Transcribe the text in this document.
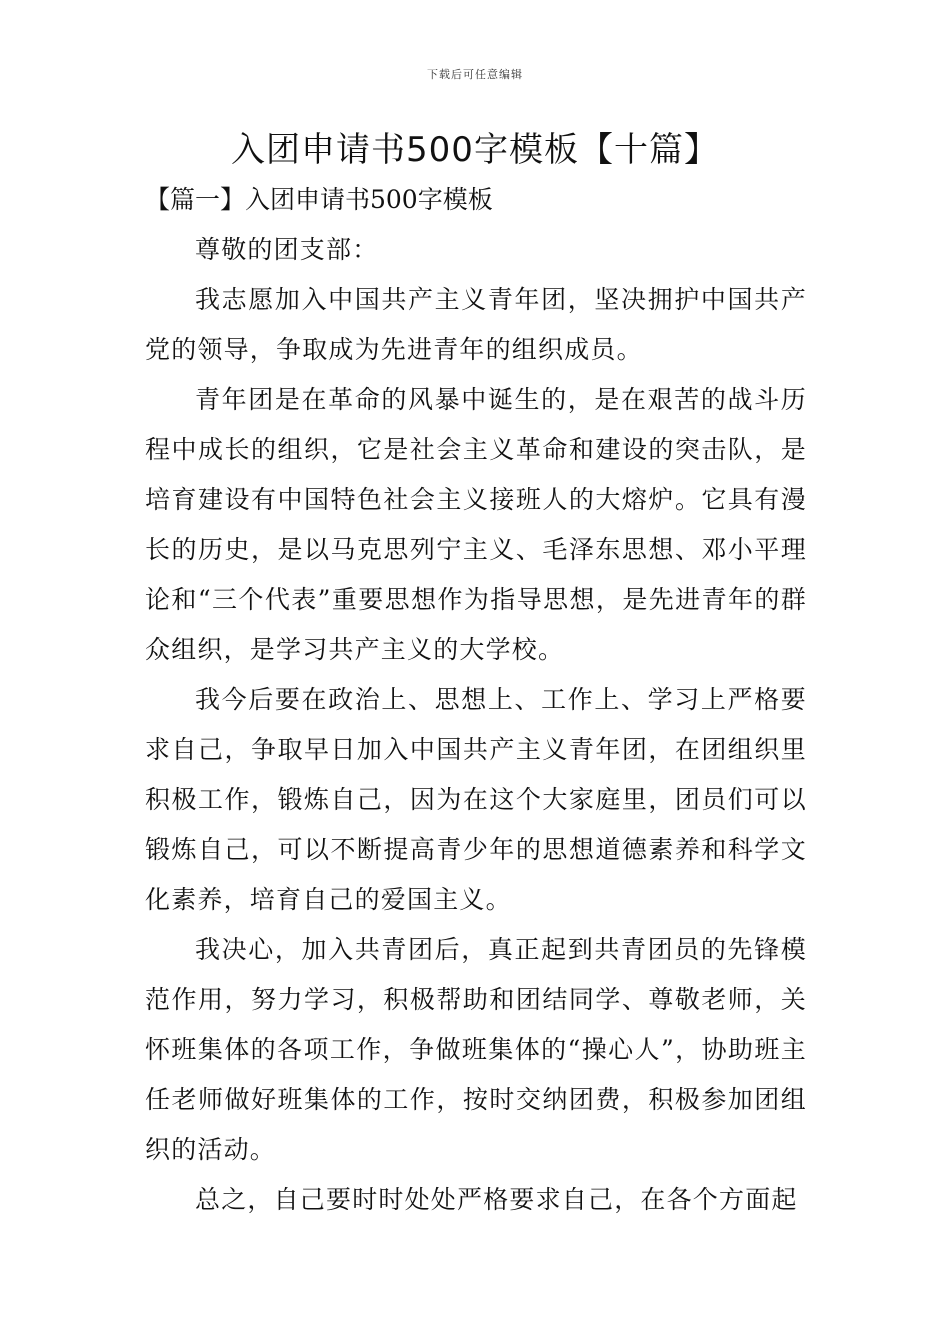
下载后可任意编辑
入团申请书500字模板【十篇】
【篇一】入团申请书500字模板

尊敬的团支部：

我志愿加入中国共产主义青年团，坚决拥护中国共产党的领导，争取成为先进青年的组织成员。

青年团是在革命的风暴中诞生的，是在艰苦的战斗历程中成长的组织，它是社会主义革命和建设的突击队，是培育建设有中国特色社会主义接班人的大熔炉。它具有漫长的历史，是以马克思列宁主义、毛泽东思想、邓小平理论和“三个代表”重要思想作为指导思想，是先进青年的群众组织，是学习共产主义的大学校。

我今后要在政治上、思想上、工作上、学习上严格要求自己，争取早日加入中国共产主义青年团，在团组织里积极工作，锻炼自己，因为在这个大家庭里，团员们可以锻炼自己，可以不断提高青少年的思想道德素养和科学文化素养，培育自己的爱国主义。

我决心，加入共青团后，真正起到共青团员的先锋模范作用，努力学习，积极帮助和团结同学、尊敬老师，关怀班集体的各项工作，争做班集体的“操心人”，协助班主任老师做好班集体的工作，按时交纳团费，积极参加团组织的活动。

总之，自己要时时处处严格要求自己，在各个方面起
